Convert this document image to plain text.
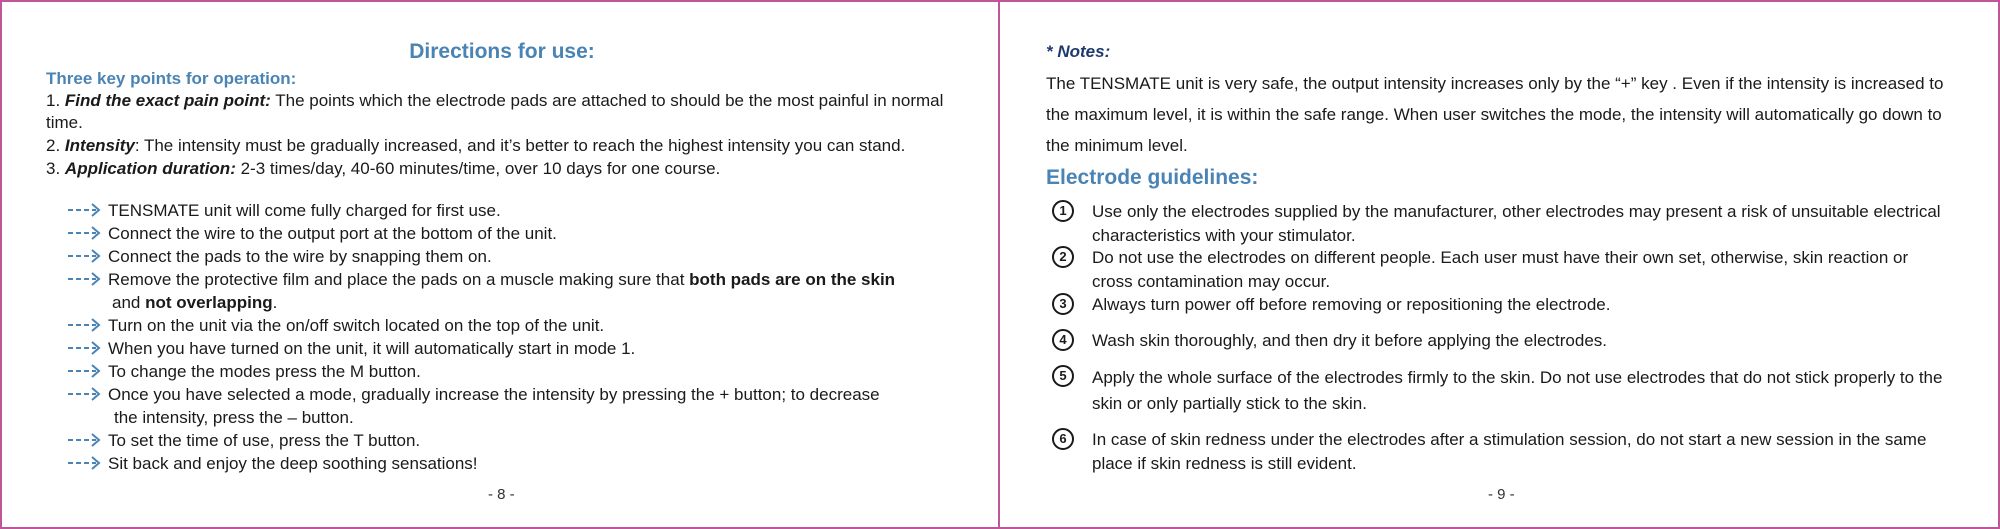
Directions for use:
Three key points for operation:
1. Find the exact pain point: The points which the electrode pads are attached to should be the most painful in normal time.
2. Intensity: The intensity must be gradually increased, and it’s better to reach the highest intensity you can stand.
3. Application duration: 2-3 times/day, 40-60 minutes/time, over 10 days for one course.
TENSMATE unit will come fully charged for first use.
Connect the wire to the output port at the bottom of the unit.
Connect the pads to the wire by snapping them on.
Remove the protective film and place the pads on a muscle making sure that both pads are on the skin
and not overlapping.
Turn on the unit via the on/off switch located on the top of the unit.
When you have turned on the unit, it will automatically start in mode 1.
To change the modes press the M button.
Once you have selected a mode, gradually increase the intensity by pressing the + button; to decrease
the intensity, press the – button.
To set the time of use, press the T button.
Sit back and enjoy the deep soothing sensations!
- 8 -
* Notes:
The TENSMATE unit is very safe, the output intensity increases only by the “+” key . Even if the intensity is increased to the maximum level, it is within the safe range. When user switches the mode, the intensity will automatically go down to the minimum level.
Electrode guidelines:
1	Use only the electrodes supplied by the manufacturer, other electrodes may present a risk of unsuitable electrical characteristics with your stimulator.
2	Do not use the electrodes on different people. Each user must have their own set, otherwise, skin reaction or cross contamination may occur.
3	Always turn power off before removing or repositioning the electrode.
4	Wash skin thoroughly, and then dry it before applying the electrodes.
5	Apply the whole surface of the electrodes firmly to the skin. Do not use electrodes that do not stick properly to the skin or only partially stick to the skin.
6	In case of skin redness under the electrodes after a stimulation session, do not start a new session in the same place if skin redness is still evident.
- 9 -
